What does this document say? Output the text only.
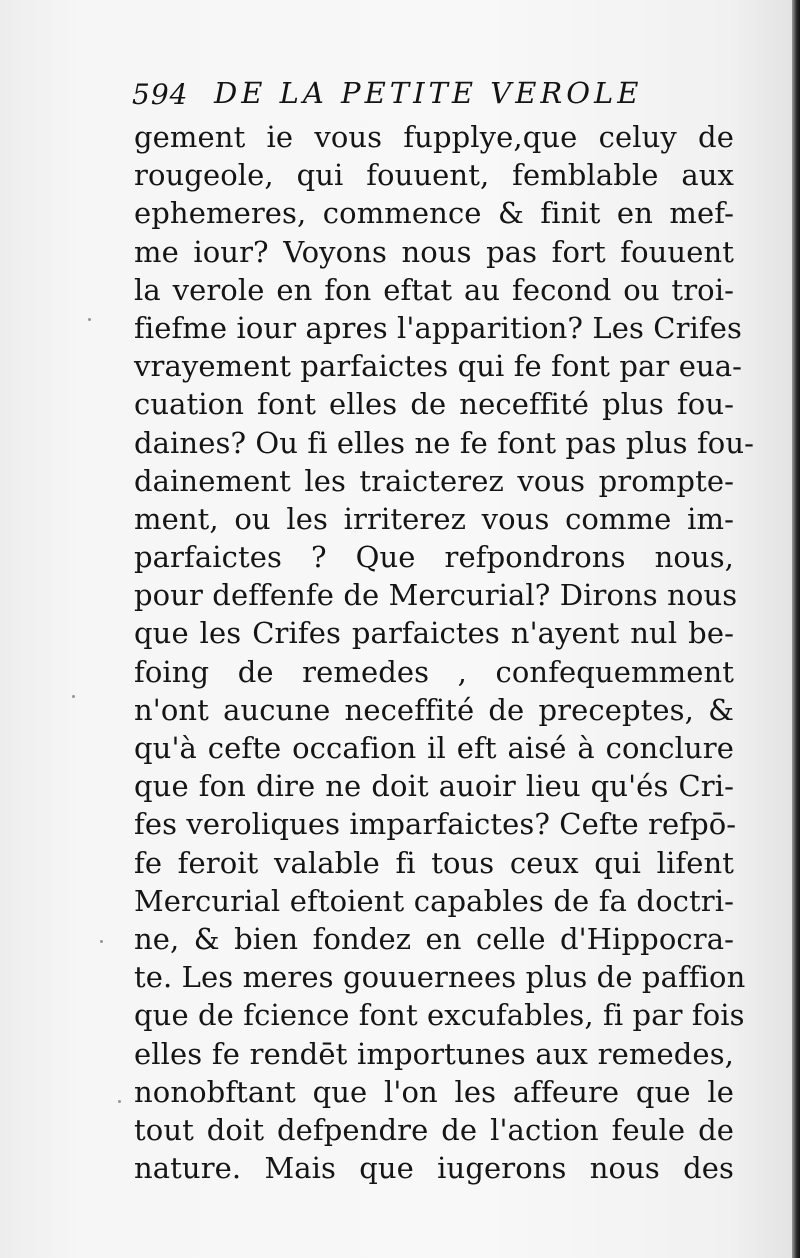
594 DE LA PETITE VEROLE
gement ie vous fupplye,que celuy de
rougeole, qui fouuent, femblable aux
ephemeres, commence & finit en mef-
me iour? Voyons nous pas fort fouuent
la verole en fon eftat au fecond ou troi-
fiefme iour apres l'apparition? Les Crifes
vrayement parfaictes qui fe font par eua-
cuation font elles de neceffité plus fou-
daines? Ou fi elles ne fe font pas plus fou-
dainement les traicterez vous prompte-
ment, ou les irriterez vous comme im-
parfaictes ? Que refpondrons nous,
pour deffenfe de Mercurial? Dirons nous
que les Crifes parfaictes n'ayent nul be-
foing de remedes , confequemment
n'ont aucune neceffité de preceptes, &
qu'à cefte occafion il eft aisé à conclure
que fon dire ne doit auoir lieu qu'és Cri-
fes veroliques imparfaictes? Cefte refpō-
fe feroit valable fi tous ceux qui lifent
Mercurial eftoient capables de fa doctri-
ne, & bien fondez en celle d'Hippocra-
te. Les meres gouuernees plus de paffion
que de fcience font excufables, fi par fois
elles fe rendēt importunes aux remedes,
nonobftant que l'on les affeure que le
tout doit defpendre de l'action feule de
nature. Mais que iugerons nous des
